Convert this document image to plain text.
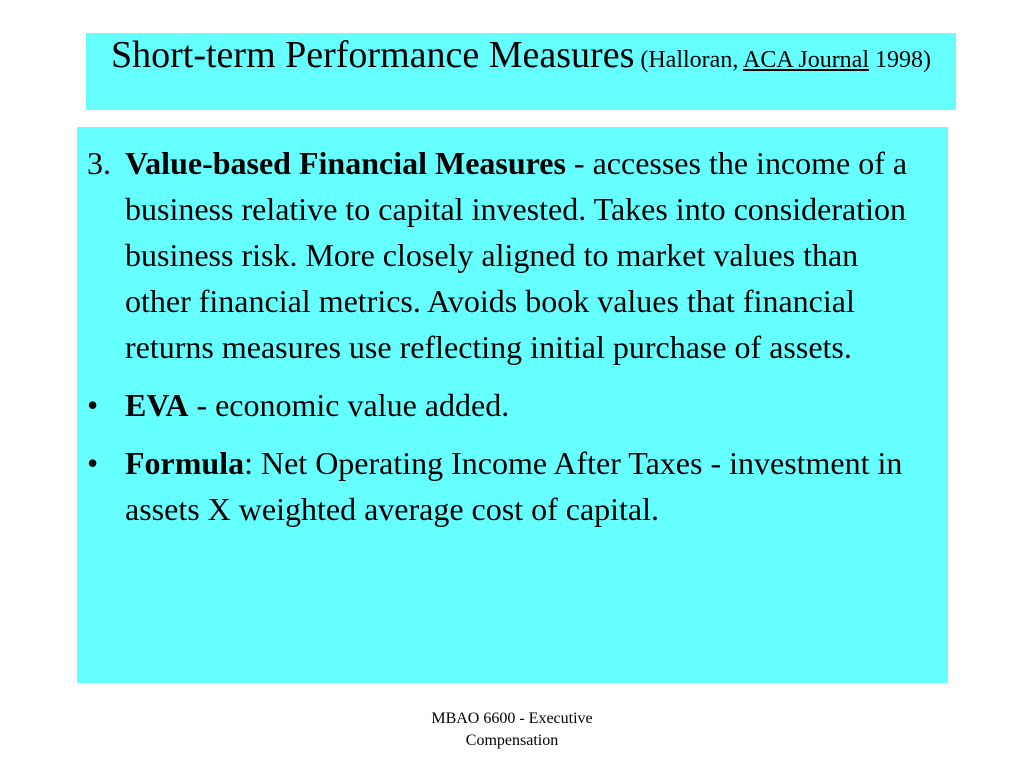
Short-term Performance Measures (Halloran, ACA Journal 1998)
3. Value-based Financial Measures - accesses the income of a business relative to capital invested. Takes into consideration business risk. More closely aligned to market values than other financial metrics. Avoids book values that financial returns measures use reflecting initial purchase of assets.
• EVA - economic value added.
• Formula: Net Operating Income After Taxes - investment in assets X weighted average cost of capital.
MBAO 6600 - Executive
Compensation
